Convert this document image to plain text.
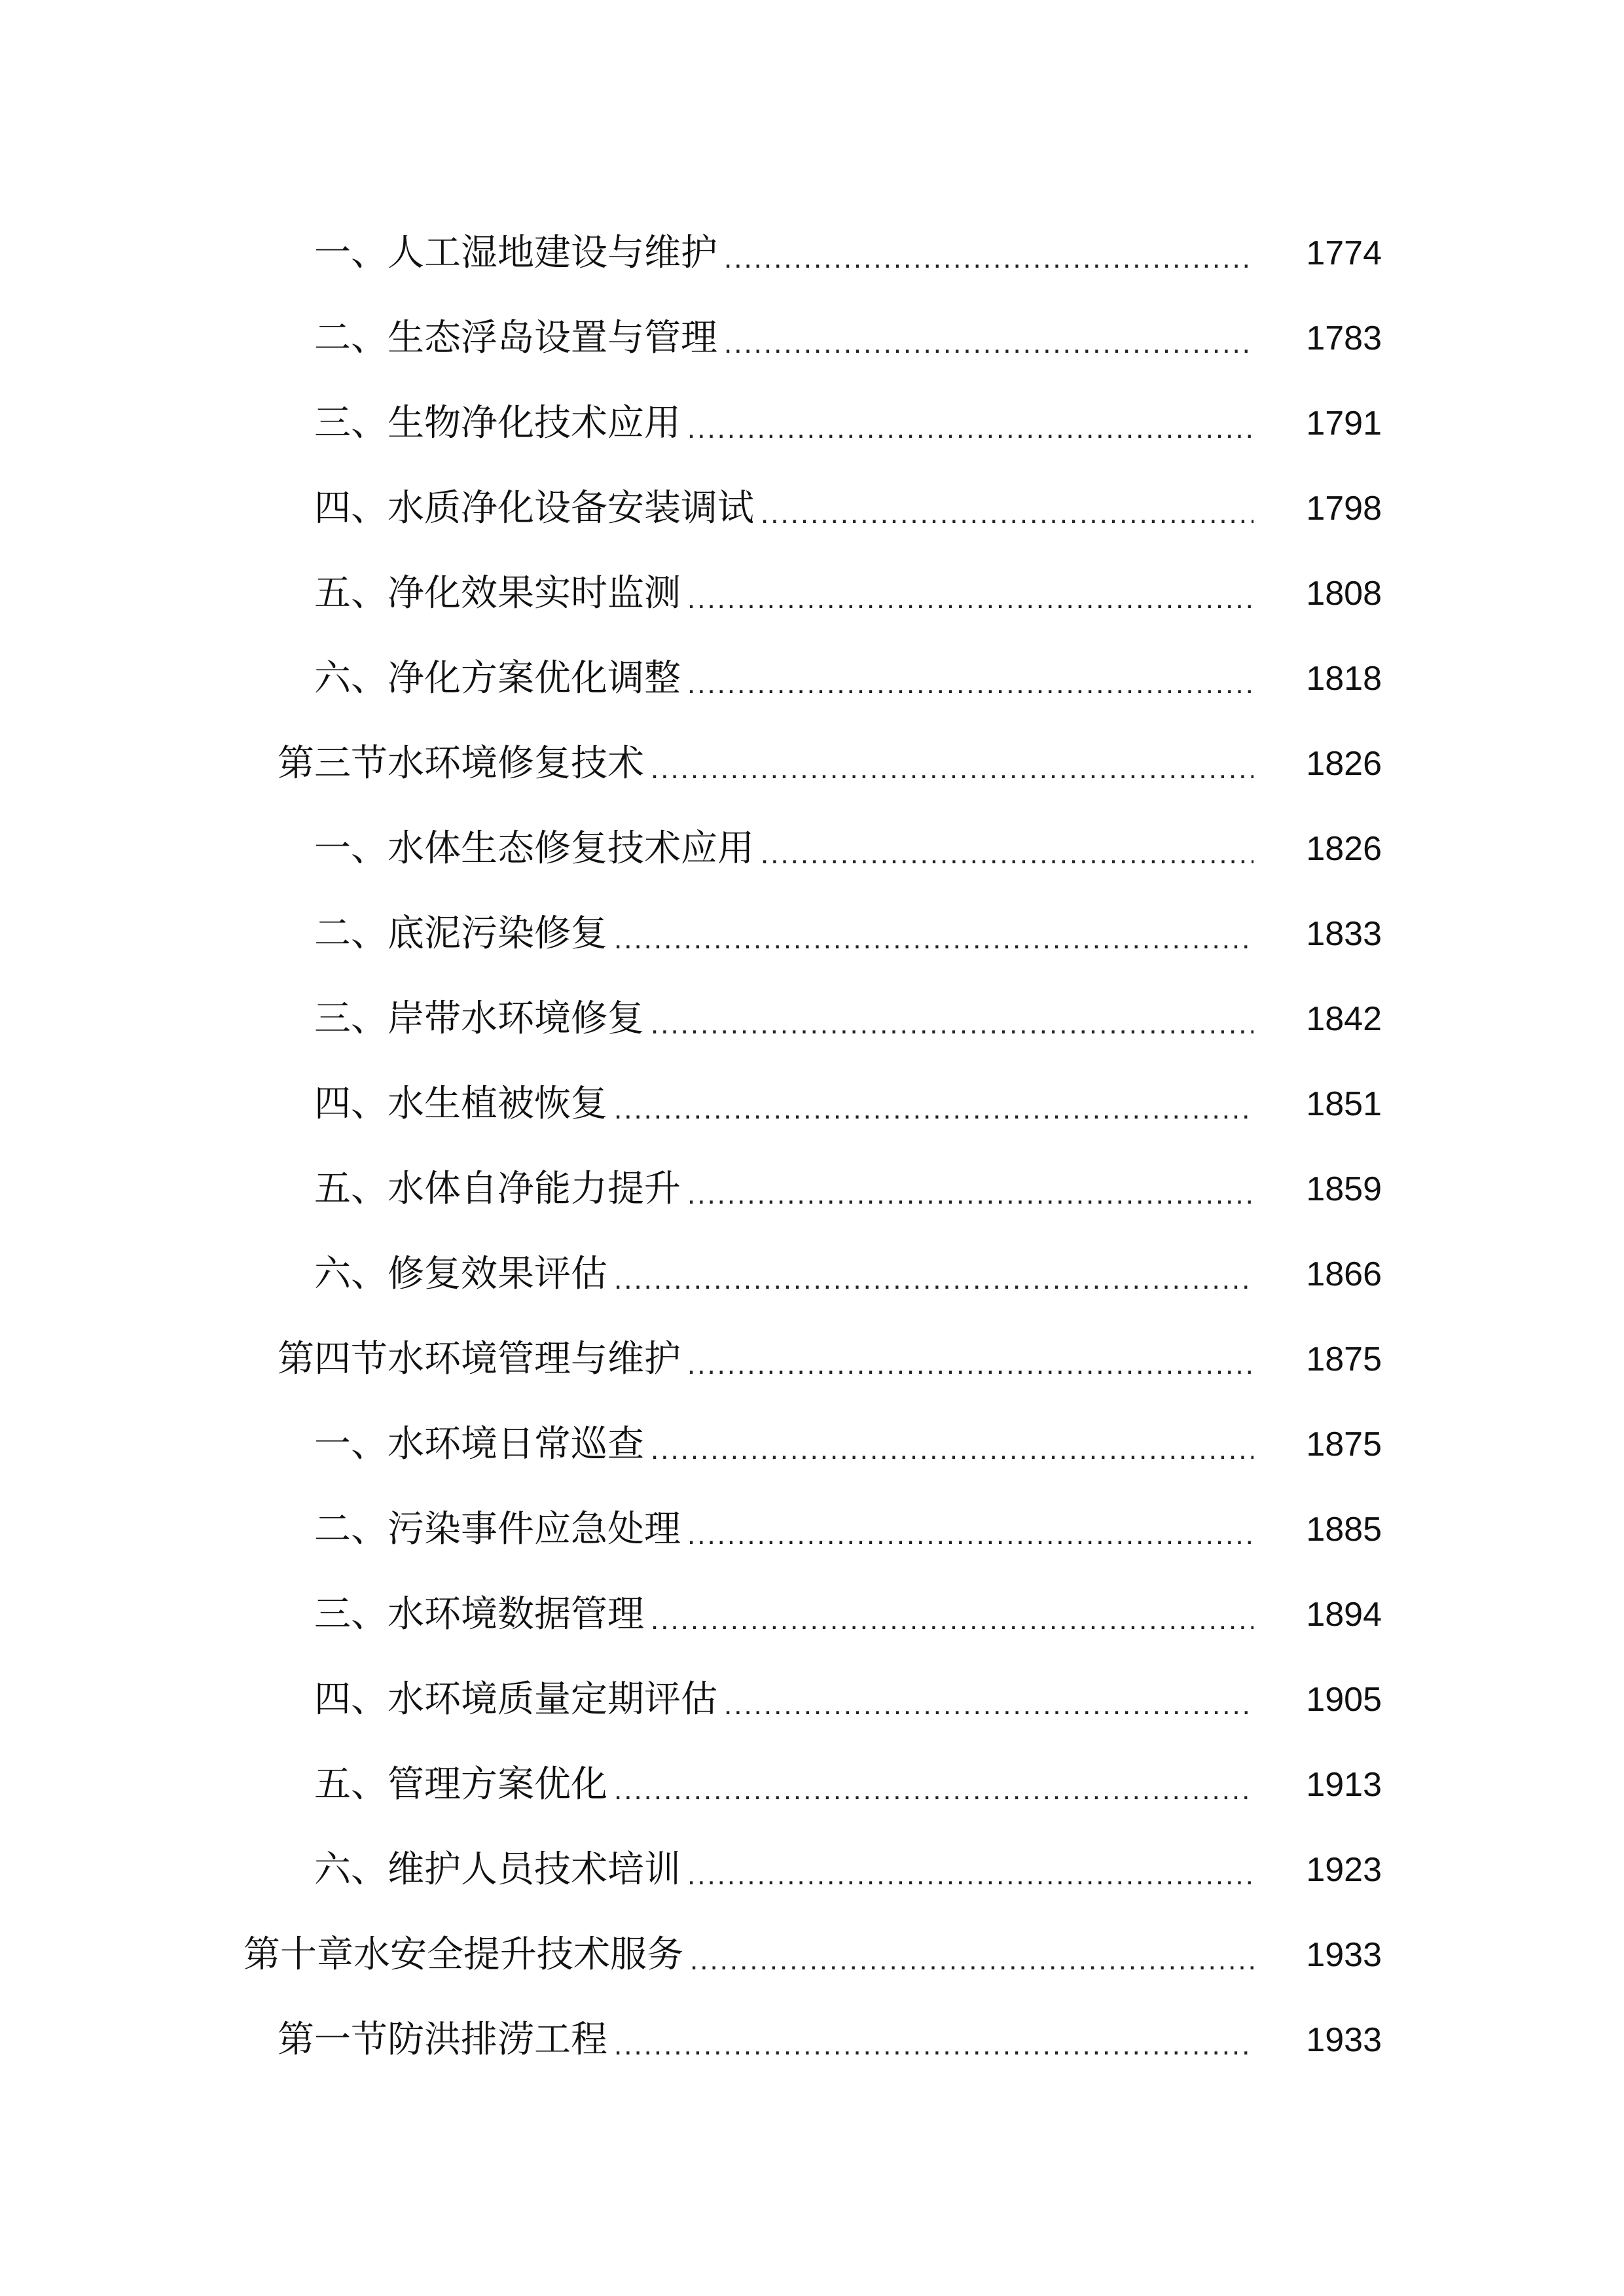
一、人工湿地建设与维护 .....	1774
二、生态浮岛设置与管理 .....	1783
三、生物净化技术应用 .....	1791
四、水质净化设备安装调试 .....	1798
五、净化效果实时监测 .....	1808
六、净化方案优化调整 .....	1818
第三节水环境修复技术 .....	1826
一、水体生态修复技术应用 .....	1826
二、底泥污染修复 .....	1833
三、岸带水环境修复 .....	1842
四、水生植被恢复 .....	1851
五、水体自净能力提升 .....	1859
六、修复效果评估 .....	1866
第四节水环境管理与维护 .....	1875
一、水环境日常巡查 .....	1875
二、污染事件应急处理 .....	1885
三、水环境数据管理 .....	1894
四、水环境质量定期评估 .....	1905
五、管理方案优化 .....	1913
六、维护人员技术培训 .....	1923
第十章水安全提升技术服务 .....	1933
第一节防洪排涝工程 .....	1933
